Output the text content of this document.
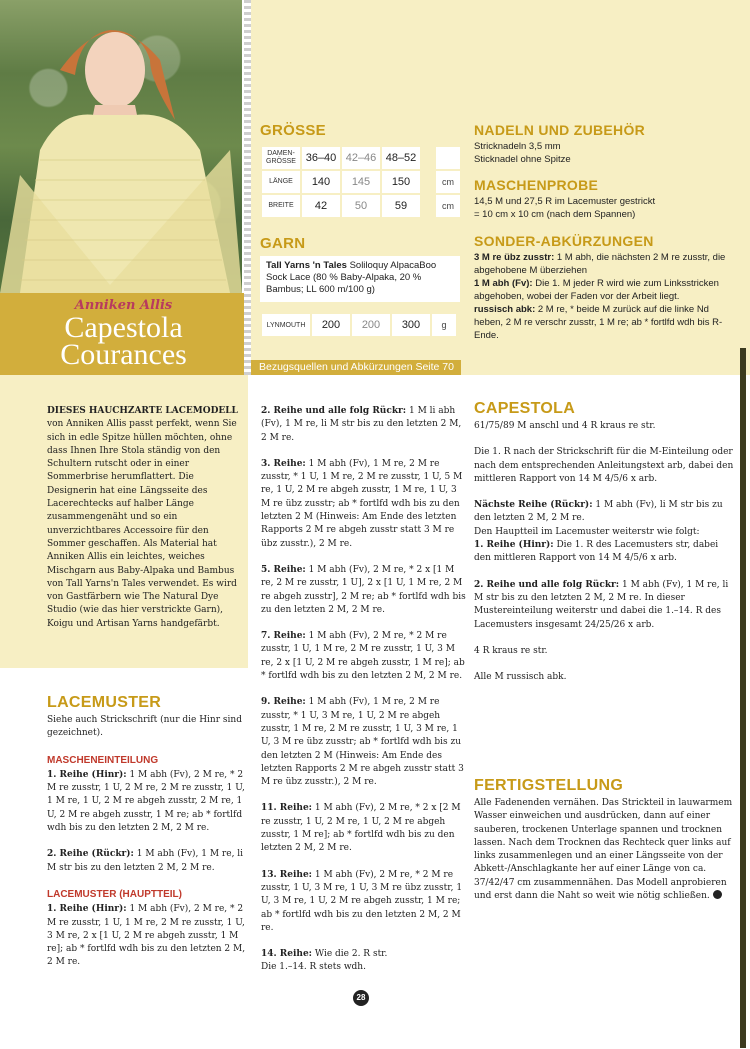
Anniken Allis
Capestola
Courances
GRÖSSE
DAMEN-GRÖSSE	36–40	42–46	48–52		
LÄNGE	140	145	150		cm
BREITE	42	50	59		cm
GARN
Tall Yarns 'n Tales Soliloquy AlpacaBoo Sock Lace (80 % Baby-Alpaka, 20 % Bambus; LL 600 m/100 g)
LYNMOUTH	200	200	300	g
Bezugsquellen und Abkürzungen Seite 70
NADELN UND ZUBEHÖR

Stricknadeln 3,5 mm

Sticknadel ohne Spitze

MASCHENPROBE

14,5 M und 27,5 R im Lacemuster gestrickt

= 10 cm x 10 cm (nach dem Spannen)

SONDER-ABKÜRZUNGEN

3 M re übz zusstr: 1 M abh, die nächsten 2 M re zusstr, die abgehobene M überziehen

1 M abh (Fv): Die 1. M jeder R wird wie zum Linksstricken abgehoben, wobei der Faden vor der Arbeit liegt.

russisch abk: 2 M re, * beide M zurück auf die linke Nd heben, 2 M re verschr zusstr, 1 M re; ab * fortlfd wdh bis R-Ende.

DIESES HAUCHZARTE LACEMODELL von Anniken Allis passt perfekt, wenn Sie sich in edle Spitze hüllen möchten, ohne dass Ihnen Ihre Stola ständig von den Schultern rutscht oder in einer Sommerbrise herumflattert. Die Designerin hat eine Längsseite des Lacerechtecks auf halber Länge zusammengenäht und so ein unverzichtbares Accessoire für den Sommer geschaffen. Als Material hat Anniken Allis ein leichtes, weiches Mischgarn aus Baby-Alpaka und Bambus von Tall Yarns'n Tales verwendet. Es wird von Gastfärbern wie The Natural Dye Studio (wie das hier verstrickte Garn), Koigu und Artisan Yarns handgefärbt.

LACEMUSTER

Siehe auch Strickschrift (nur die Hinr sind gezeichnet).

MASCHENEINTEILUNG

1. Reihe (Hinr): 1 M abh (Fv), 2 M re, * 2 M re zusstr, 1 U, 2 M re, 2 M re zusstr, 1 U, 1 M re, 1 U, 2 M re abgeh zusstr, 2 M re, 1 U, 2 M re abgeh zusstr, 1 M re; ab * fortlfd wdh bis zu den letzten 2 M, 2 M re.

2. Reihe (Rückr): 1 M abh (Fv), 1 M re, li M str bis zu den letzten 2 M, 2 M re.

LACEMUSTER (HAUPTTEIL)

1. Reihe (Hinr): 1 M abh (Fv), 2 M re, * 2 M re zusstr, 1 U, 1 M re, 2 M re zusstr, 1 U, 3 M re, 2 x [1 U, 2 M re abgeh zusstr, 1 M re]; ab * fortlfd wdh bis zu den letzten 2 M, 2 M re.

2. Reihe und alle folg Rückr: 1 M li abh (Fv), 1 M re, li M str bis zu den letzten 2 M, 2 M re.

3. Reihe: 1 M abh (Fv), 1 M re, 2 M re zusstr, * 1 U, 1 M re, 2 M re zusstr, 1 U, 5 M re, 1 U, 2 M re abgeh zusstr, 1 M re, 1 U, 3 M re übz zusstr; ab * fortlfd wdh bis zu den letzten 2 M (Hinweis: Am Ende des letzten Rapports 2 M re abgeh zusstr statt 3 M re übz zusstr.), 2 M re.

5. Reihe: 1 M abh (Fv), 2 M re, * 2 x [1 M re, 2 M re zusstr, 1 U], 2 x [1 U, 1 M re, 2 M re abgeh zusstr], 2 M re; ab * fortlfd wdh bis zu den letzten 2 M, 2 M re.

7. Reihe: 1 M abh (Fv), 2 M re, * 2 M re zusstr, 1 U, 1 M re, 2 M re zusstr, 1 U, 3 M re, 2 x [1 U, 2 M re abgeh zusstr, 1 M re]; ab * fortlfd wdh bis zu den letzten 2 M, 2 M re.

9. Reihe: 1 M abh (Fv), 1 M re, 2 M re zusstr, * 1 U, 3 M re, 1 U, 2 M re abgeh zusstr, 1 M re, 2 M re zusstr, 1 U, 3 M re, 1 U, 3 M re übz zusstr; ab * fortlfd wdh bis zu den letzten 2 M (Hinweis: Am Ende des letzten Rapports 2 M re abgeh zusstr statt 3 M re übz zusstr.), 2 M re.

11. Reihe: 1 M abh (Fv), 2 M re, * 2 x [2 M re zusstr, 1 U, 2 M re, 1 U, 2 M re abgeh zusstr, 1 M re]; ab * fortlfd wdh bis zu den letzten 2 M, 2 M re.

13. Reihe: 1 M abh (Fv), 2 M re, * 2 M re zusstr, 1 U, 3 M re, 1 U, 3 M re übz zusstr, 1 U, 3 M re, 1 U, 2 M re abgeh zusstr, 1 M re; ab * fortlfd wdh bis zu den letzten 2 M, 2 M re.

14. Reihe: Wie die 2. R str.
Die 1.–14. R stets wdh.

CAPESTOLA

61/75/89 M anschl und 4 R kraus re str.

Die 1. R nach der Strickschrift für die M-Einteilung oder nach dem entsprechenden Anleitungstext arb, dabei den mittleren Rapport von 14 M 4/5/6 x arb.

Nächste Reihe (Rückr): 1 M abh (Fv), li M str bis zu den letzten 2 M, 2 M re.
Den Hauptteil im Lacemuster weiterstr wie folgt:
1. Reihe (Hinr): Die 1. R des Lacemusters str, dabei den mittleren Rapport von 14 M 4/5/6 x arb.

2. Reihe und alle folg Rückr: 1 M abh (Fv), 1 M re, li M str bis zu den letzten 2 M, 2 M re. In dieser Mustereinteilung weiterstr und dabei die 1.–14. R des Lacemusters insgesamt 24/25/26 x arb.

4 R kraus re str.

Alle M russisch abk.

FERTIGSTELLUNG

Alle Fadenenden vernähen. Das Strickteil in lauwarmem Wasser einweichen und ausdrücken, dann auf einer sauberen, trockenen Unterlage spannen und trocknen lassen. Nach dem Trocknen das Rechteck quer links auf links zusammenlegen und an einer Längsseite von der Abkett-/Anschlagkante her auf einer Länge von ca. 37/42/47 cm zusammennähen. Das Modell anprobieren und erst dann die Naht so weit wie nötig schließen.

28
